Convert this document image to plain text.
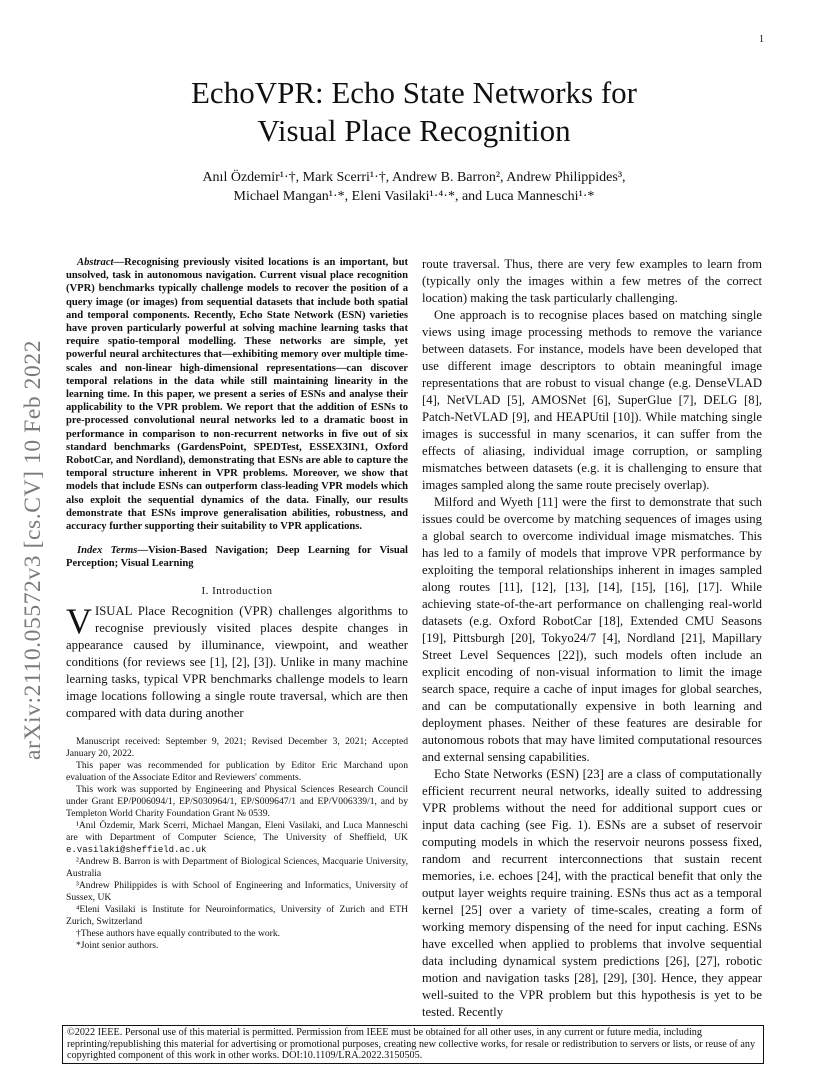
1
arXiv:2110.05572v3 [cs.CV] 10 Feb 2022
EchoVPR: Echo State Networks for
Visual Place Recognition
Anıl Özdemir¹·†, Mark Scerri¹·†, Andrew B. Barron², Andrew Philippides³,
Michael Mangan¹·*, Eleni Vasilaki¹·⁴·*, and Luca Manneschi¹·*

Abstract—Recognising previously visited locations is an important, but unsolved, task in autonomous navigation. Current visual place recognition (VPR) benchmarks typically challenge models to recover the position of a query image (or images) from sequential datasets that include both spatial and temporal components. Recently, Echo State Network (ESN) varieties have proven particularly powerful at solving machine learning tasks that require spatio-temporal modelling. These networks are simple, yet powerful neural architectures that—exhibiting memory over multiple time-scales and non-linear high-dimensional representations—can discover temporal relations in the data while still maintaining linearity in the learning time. In this paper, we present a series of ESNs and analyse their applicability to the VPR problem. We report that the addition of ESNs to pre-processed convolutional neural networks led to a dramatic boost in performance in comparison to non-recurrent networks in five out of six standard benchmarks (GardensPoint, SPEDTest, ESSEX3IN1, Oxford RobotCar, and Nordland), demonstrating that ESNs are able to capture the temporal structure inherent in VPR problems. Moreover, we show that models that include ESNs can outperform class-leading VPR models which also exploit the sequential dynamics of the data. Finally, our results demonstrate that ESNs improve generalisation abilities, robustness, and accuracy further supporting their suitability to VPR applications.

Index Terms—Vision-Based Navigation; Deep Learning for Visual Perception; Visual Learning

I. Introduction

VISUAL Place Recognition (VPR) challenges algorithms to recognise previously visited places despite changes in appearance caused by illuminance, viewpoint, and weather conditions (for reviews see [1], [2], [3]). Unlike in many machine learning tasks, typical VPR benchmarks challenge models to learn image locations following a single route traversal, which are then compared with data during another

Manuscript received: September 9, 2021; Revised December 3, 2021; Accepted January 20, 2022.

This paper was recommended for publication by Editor Eric Marchand upon evaluation of the Associate Editor and Reviewers' comments.

This work was supported by Engineering and Physical Sciences Research Council under Grant EP/P006094/1, EP/S030964/1, EP/S009647/1 and EP/V006339/1, and by Templeton World Charity Foundation Grant № 0539.

¹Anıl Özdemir, Mark Scerri, Michael Mangan, Eleni Vasilaki, and Luca Manneschi are with Department of Computer Science, The University of Sheffield, UK e.vasilaki@sheffield.ac.uk

²Andrew B. Barron is with Department of Biological Sciences, Macquarie University, Australia

³Andrew Philippides is with School of Engineering and Informatics, University of Sussex, UK

⁴Eleni Vasilaki is Institute for Neuroinformatics, University of Zurich and ETH Zurich, Switzerland

†These authors have equally contributed to the work.

*Joint senior authors.

route traversal. Thus, there are very few examples to learn from (typically only the images within a few metres of the correct location) making the task particularly challenging.

One approach is to recognise places based on matching single views using image processing methods to remove the variance between datasets. For instance, models have been developed that use different image descriptors to obtain meaningful image representations that are robust to visual change (e.g. DenseVLAD [4], NetVLAD [5], AMOSNet [6], SuperGlue [7], DELG [8], Patch-NetVLAD [9], and HEAPUtil [10]). While matching single images is successful in many scenarios, it can suffer from the effects of aliasing, individual image corruption, or sampling mismatches between datasets (e.g. it is challenging to ensure that images sampled along the same route precisely overlap).

Milford and Wyeth [11] were the first to demonstrate that such issues could be overcome by matching sequences of images using a global search to overcome individual image mismatches. This has led to a family of models that improve VPR performance by exploiting the temporal relationships inherent in images sampled along routes [11], [12], [13], [14], [15], [16], [17]. While achieving state-of-the-art performance on challenging real-world datasets (e.g. Oxford RobotCar [18], Extended CMU Seasons [19], Pittsburgh [20], Tokyo24/7 [4], Nordland [21], Mapillary Street Level Sequences [22]), such models often include an explicit encoding of non-visual information to limit the image search space, require a cache of input images for global searches, and can be computationally expensive in both learning and deployment phases. Neither of these features are desirable for autonomous robots that may have limited computational resources and external sensing capabilities.

Echo State Networks (ESN) [23] are a class of computationally efficient recurrent neural networks, ideally suited to addressing VPR problems without the need for additional support cues or input data caching (see Fig. 1). ESNs are a subset of reservoir computing models in which the reservoir neurons possess fixed, random and recurrent interconnections that sustain recent memories, i.e. echoes [24], with the practical benefit that only the output layer weights require training. ESNs thus act as a temporal kernel [25] over a variety of time-scales, creating a form of working memory dispensing of the need for input caching. ESNs have excelled when applied to problems that involve sequential data including dynamical system predictions [26], [27], robotic motion and navigation tasks [28], [29], [30]. Hence, they appear well-suited to the VPR problem but this hypothesis is yet to be tested. Recently

©2022 IEEE. Personal use of this material is permitted. Permission from IEEE must be obtained for all other uses, in any current or future media, including reprinting/republishing this material for advertising or promotional purposes, creating new collective works, for resale or redistribution to servers or lists, or reuse of any copyrighted component of this work in other works. DOI:10.1109/LRA.2022.3150505.
